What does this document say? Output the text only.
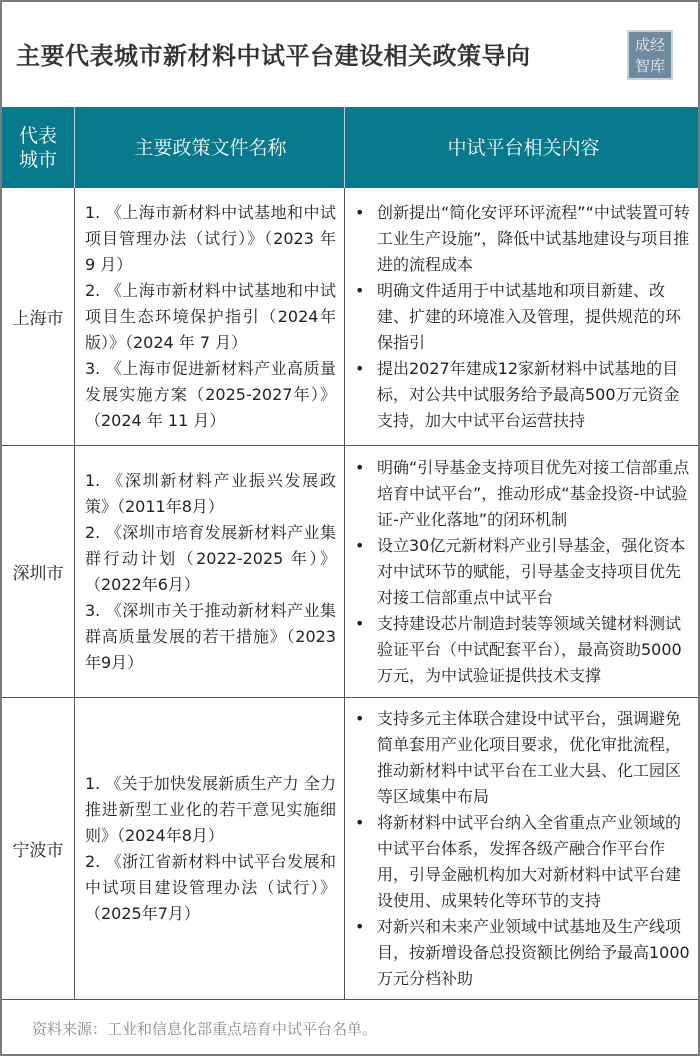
主要代表城市新材料中试平台建设相关政策导向	成经
智库
代表城市
主要政策文件名称	中试平台相关内容
上海市
1. 《上海市新材料中试基地和中试项目管理办法（试行）》（2023 年 9 月）
2. 《上海市新材料中试基地和中试项目生态环境保护指引（2024年版）》（2024 年 7 月）
3. 《上海市促进新材料产业高质量发展实施方案（2025-2027年）》（2024 年 11 月）
• 创新提出“简化安评环评流程”“中试装置可转工业生产设施”，降低中试基地建设与项目推进的流程成本
• 明确文件适用于中试基地和项目新建、改建、扩建的环境准入及管理，提供规范的环保指引
• 提出2027年建成12家新材料中试基地的目标，对公共中试服务给予最高500万元资金支持，加大中试平台运营扶持
深圳市
1. 《深圳新材料产业振兴发展政策》（2011年8月）
2. 《深圳市培育发展新材料产业集群行动计划（2022-2025 年）》（2022年6月）
3. 《深圳市关于推动新材料产业集群高质量发展的若干措施》（2023年9月）
• 明确“引导基金支持项目优先对接工信部重点培育中试平台”，推动形成“基金投资-中试验证-产业化落地”的闭环机制
• 设立30亿元新材料产业引导基金，强化资本对中试环节的赋能，引导基金支持项目优先对接工信部重点中试平台
• 支持建设芯片制造封装等领域关键材料测试验证平台（中试配套平台），最高资助5000万元，为中试验证提供技术支撑
宁波市
1. 《关于加快发展新质生产力 全力推进新型工业化的若干意见实施细则》（2024年8月）
2. 《浙江省新材料中试平台发展和中试项目建设管理办法（试行）》（2025年7月）
• 支持多元主体联合建设中试平台，强调避免简单套用产业化项目要求，优化审批流程，推动新材料中试平台在工业大县、化工园区等区域集中布局
• 将新材料中试平台纳入全省重点产业领域的中试平台体系，发挥各级产融合作平台作用，引导金融机构加大对新材料中试平台建设使用、成果转化等环节的支持
• 对新兴和未来产业领域中试基地及生产线项目，按新增设备总投资额比例给予最高1000万元分档补助
资料来源：工业和信息化部重点培育中试平台名单。
